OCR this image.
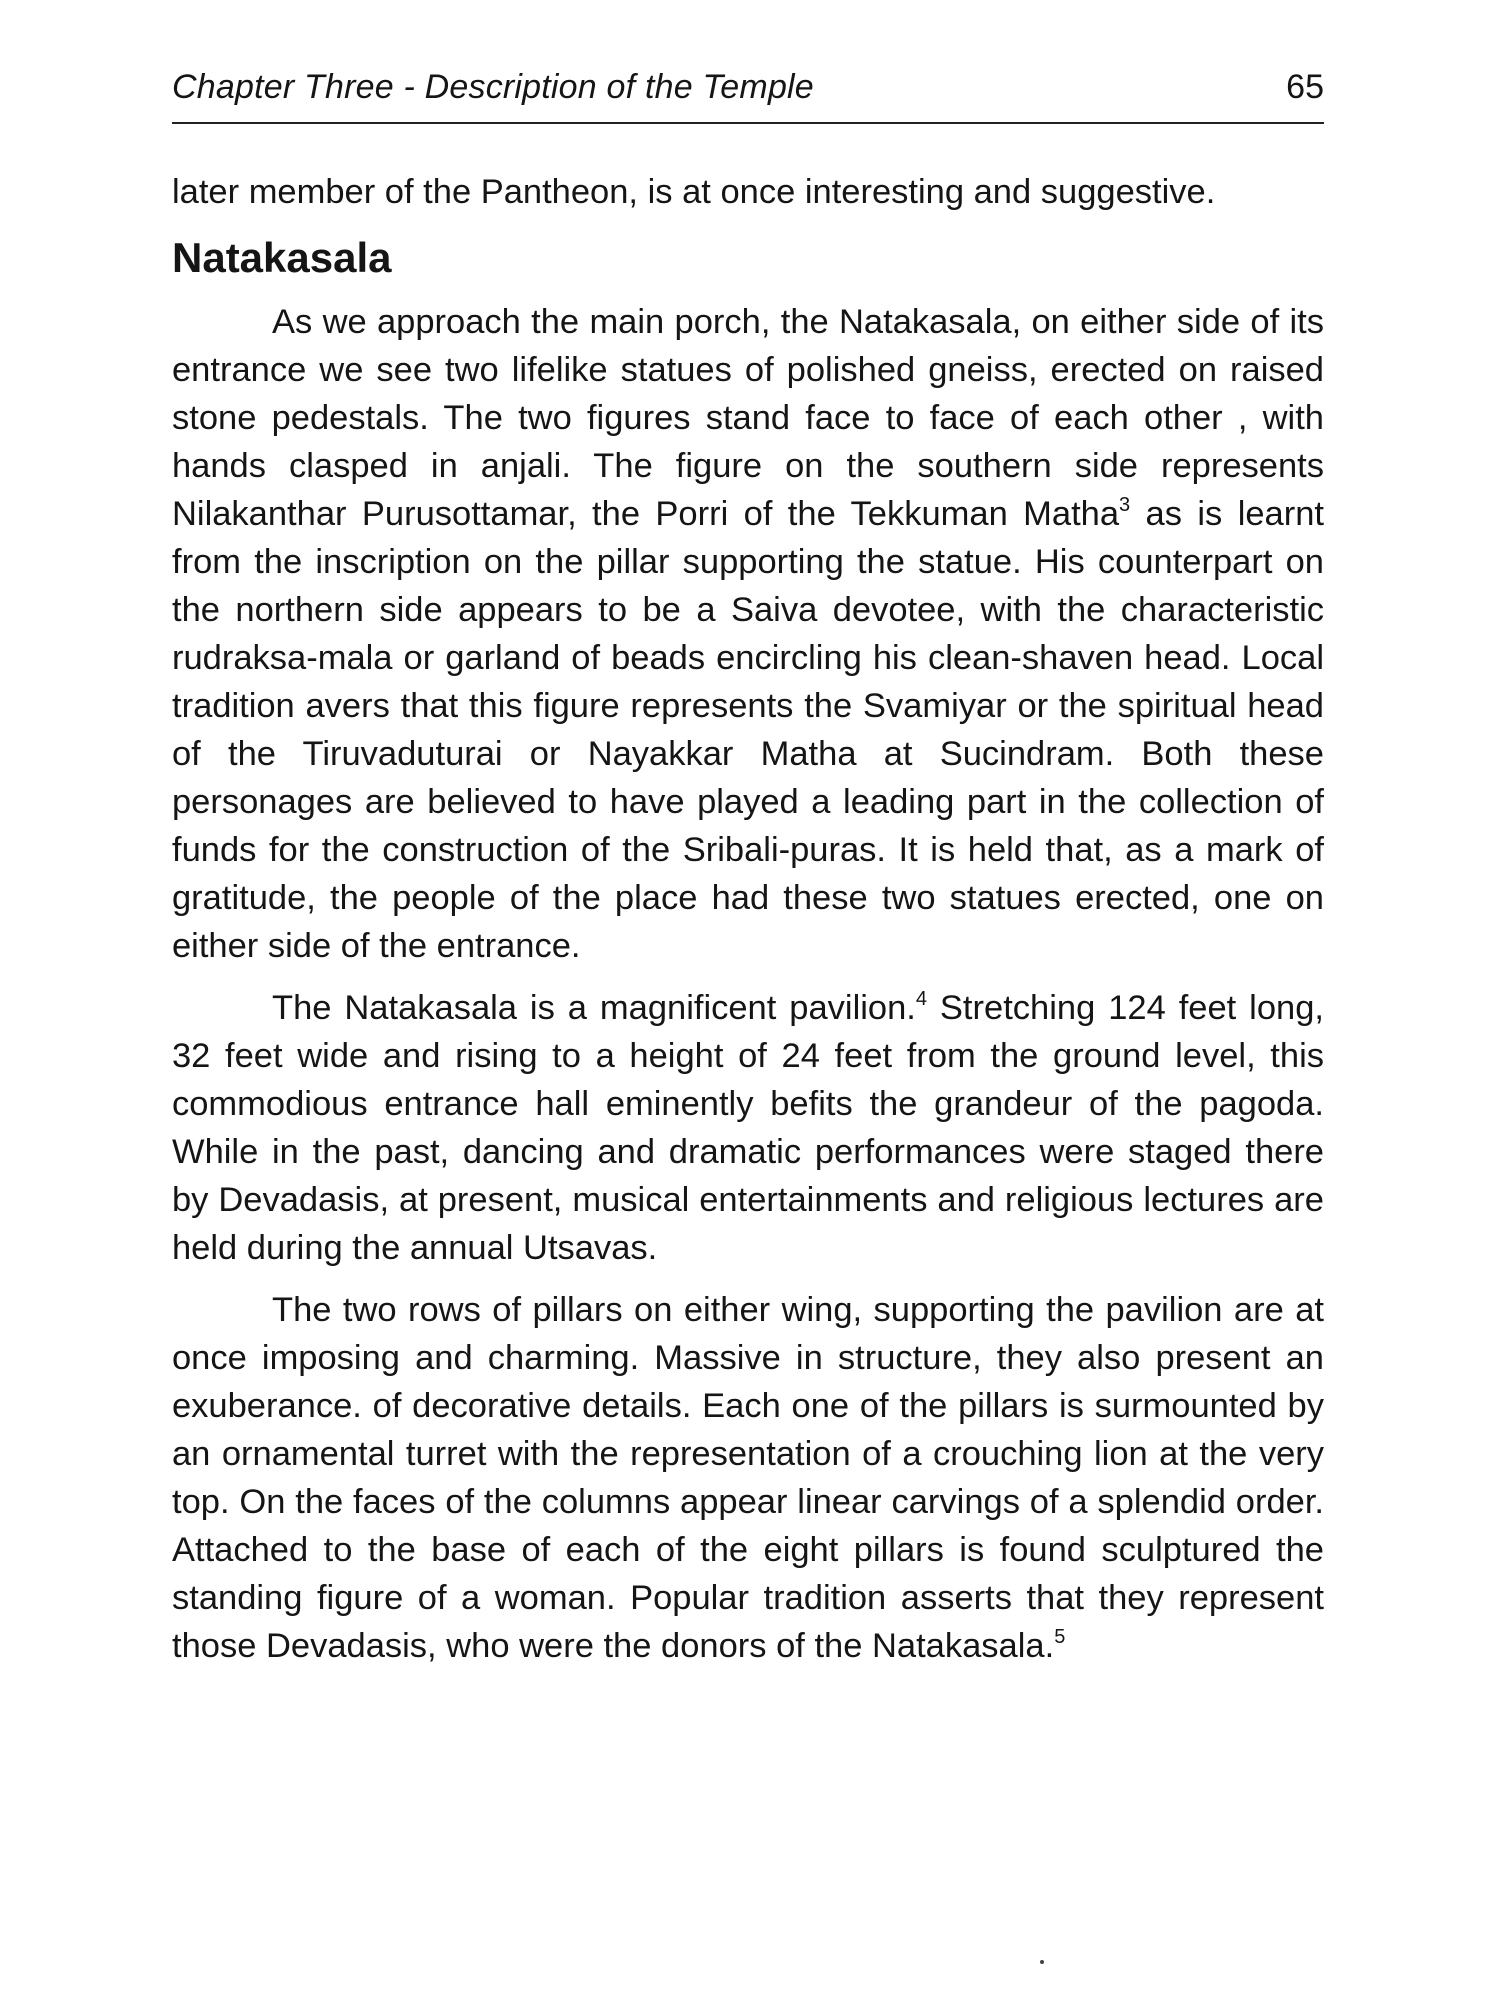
Chapter Three - Description of the Temple	65

later member of the Pantheon, is at once interesting and suggestive.

Natakasala

As we approach the main porch, the Natakasala, on either side of its entrance we see two lifelike statues of polished gneiss, erected on raised stone pedestals. The two figures stand face to face of each other , with hands clasped in anjali. The figure on the southern side represents Nilakanthar Purusottamar, the Porri of the Tekkuman Matha$^3$ as is learnt from the inscription on the pillar supporting the statue. His counterpart on the northern side appears to be a Saiva devotee, with the characteristic rudraksa-mala or garland of beads encircling his clean-shaven head. Local tradition avers that this figure represents the Svamiyar or the spiritual head of the Tiruvaduturai or Nayakkar Matha at Sucindram. Both these personages are believed to have played a leading part in the collection of funds for the construction of the Sribali-puras. It is held that, as a mark of gratitude, the people of the place had these two statues erected, one on either side of the entrance.

The Natakasala is a magnificent pavilion.$^4$ Stretching 124 feet long, 32 feet wide and rising to a height of 24 feet from the ground level, this commodious entrance hall eminently befits the grandeur of the pagoda. While in the past, dancing and dramatic performances were staged there by Devadasis, at present, musical entertainments and religious lectures are held during the annual Utsavas.

The two rows of pillars on either wing, supporting the pavilion are at once imposing and charming. Massive in structure, they also present an exuberance. of decorative details. Each one of the pillars is surmounted by an ornamental turret with the representation of a crouching lion at the very top. On the faces of the columns appear linear carvings of a splendid order. Attached to the base of each of the eight pillars is found sculptured the standing figure of a woman. Popular tradition asserts that they represent those Devadasis, who were the donors of the Natakasala.$^5$
